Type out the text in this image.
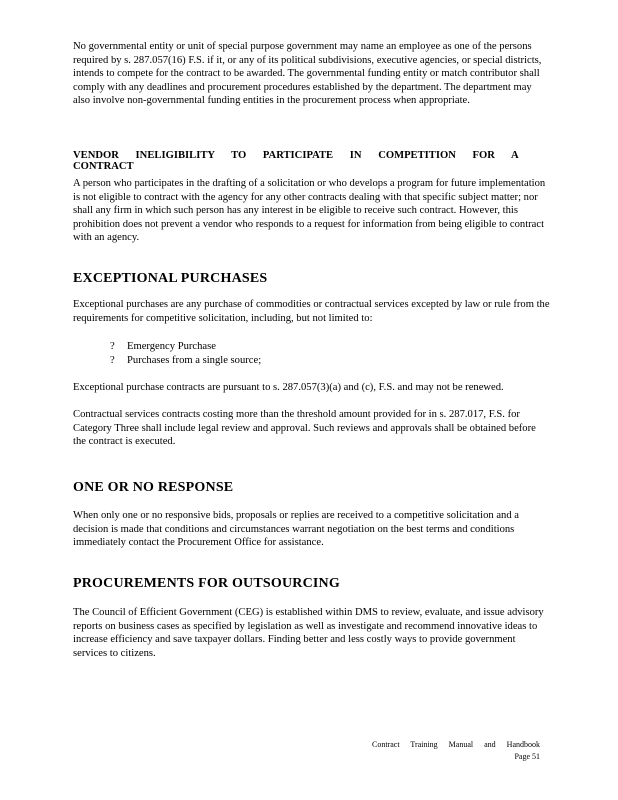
No governmental entity or unit of special purpose government may name an employee as one of the persons required by s. 287.057(16) F.S. if it, or any of its political subdivisions, executive agencies, or special districts, intends to compete for the contract to be awarded. The governmental funding entity or match contributor shall comply with any deadlines and procurement procedures established by the department. The department may also involve non-governmental funding entities in the procurement process when appropriate.

VENDOR INELIGIBILITY TO PARTICIPATE IN COMPETITION FOR A CONTRACT

A person who participates in the drafting of a solicitation or who develops a program for future implementation is not eligible to contract with the agency for any other contracts dealing with that specific subject matter; nor shall any firm in which such person has any interest in be eligible to receive such contract. However, this prohibition does not prevent a vendor who responds to a request for information from being eligible to contract with an agency.

EXCEPTIONAL PURCHASES

Exceptional purchases are any purchase of commodities or contractual services excepted by law or rule from the requirements for competitive solicitation, including, but not limited to:

? Emergency Purchase
? Purchases from a single source;

Exceptional purchase contracts are pursuant to s. 287.057(3)(a) and (c), F.S. and may not be renewed.

Contractual services contracts costing more than the threshold amount provided for in s. 287.017, F.S. for Category Three shall include legal review and approval. Such reviews and approvals shall be obtained before the contract is executed.

ONE OR NO RESPONSE

When only one or no responsive bids, proposals or replies are received to a competitive solicitation and a decision is made that conditions and circumstances warrant negotiation on the best terms and conditions immediately contact the Procurement Office for assistance.

PROCUREMENTS FOR OUTSOURCING

The Council of Efficient Government (CEG) is established within DMS to review, evaluate, and issue advisory reports on business cases as specified by legislation as well as investigate and recommend innovative ideas to increase efficiency and save taxpayer dollars. Finding better and less costly ways to provide government services to citizens.

Contract Training Manual and Handbook
Page 51
